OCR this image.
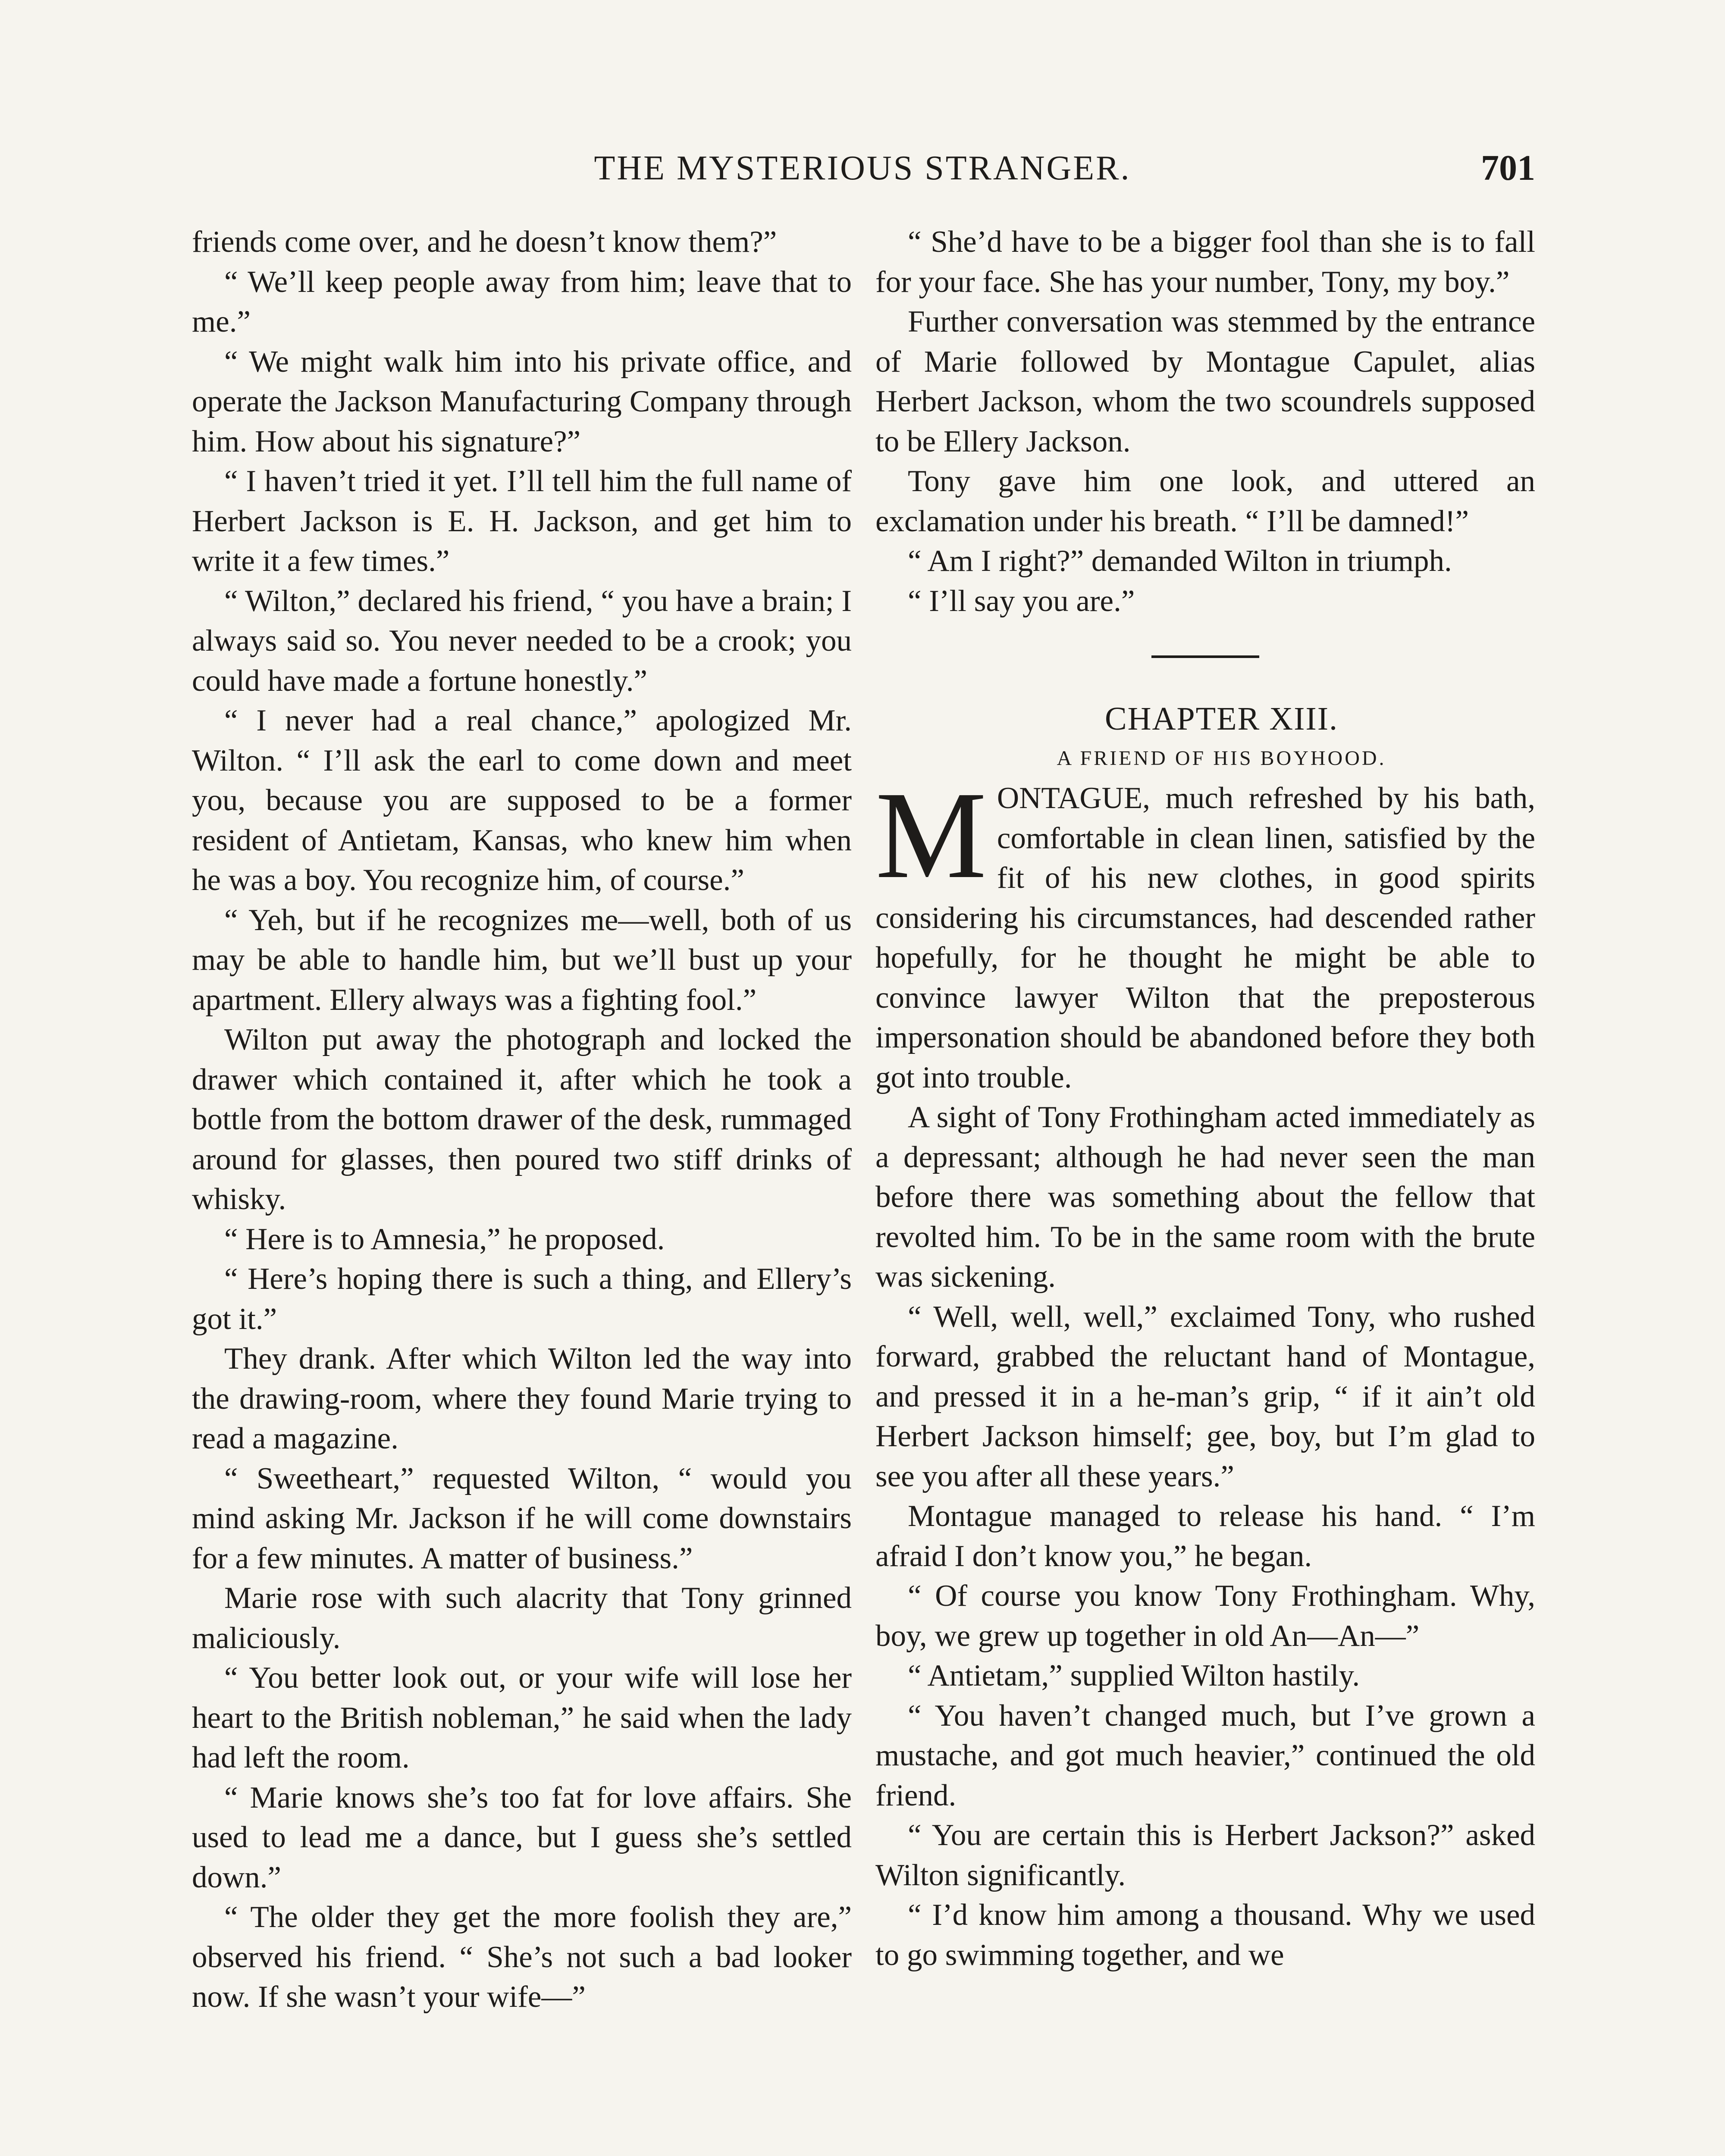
THE MYSTERIOUS STRANGER.	701

friends come over, and he doesn’t know them?”

“ We’ll keep people away from him; leave that to me.”

“ We might walk him into his private office, and operate the Jackson Manufacturing Company through him. How about his signature?”

“ I haven’t tried it yet. I’ll tell him the full name of Herbert Jackson is E. H. Jackson, and get him to write it a few times.”

“ Wilton,” declared his friend, “ you have a brain; I always said so. You never needed to be a crook; you could have made a fortune honestly.”

“ I never had a real chance,” apologized Mr. Wilton. “ I’ll ask the earl to come down and meet you, because you are supposed to be a former resident of Antietam, Kansas, who knew him when he was a boy. You recognize him, of course.”

“ Yeh, but if he recognizes me—well, both of us may be able to handle him, but we’ll bust up your apartment. Ellery always was a fighting fool.”

Wilton put away the photograph and locked the drawer which contained it, after which he took a bottle from the bottom drawer of the desk, rummaged around for glasses, then poured two stiff drinks of whisky.

“ Here is to Amnesia,” he proposed.

“ Here’s hoping there is such a thing, and Ellery’s got it.”

They drank. After which Wilton led the way into the drawing-room, where they found Marie trying to read a magazine.

“ Sweetheart,” requested Wilton, “ would you mind asking Mr. Jackson if he will come downstairs for a few minutes. A matter of business.”

Marie rose with such alacrity that Tony grinned maliciously.

“ You better look out, or your wife will lose her heart to the British nobleman,” he said when the lady had left the room.

“ Marie knows she’s too fat for love affairs. She used to lead me a dance, but I guess she’s settled down.”

“ The older they get the more foolish they are,” observed his friend. “ She’s not such a bad looker now. If she wasn’t your wife—”

“ She’d have to be a bigger fool than she is to fall for your face. She has your number, Tony, my boy.”

Further conversation was stemmed by the entrance of Marie followed by Montague Capulet, alias Herbert Jackson, whom the two scoundrels supposed to be Ellery Jackson.

Tony gave him one look, and uttered an exclamation under his breath. “ I’ll be damned!”

“ Am I right?” demanded Wilton in triumph.

“ I’ll say you are.”

CHAPTER XIII.

A FRIEND OF HIS BOYHOOD.

MONTAGUE, much refreshed by his bath, comfortable in clean linen, satisfied by the fit of his new clothes, in good spirits considering his circumstances, had descended rather hopefully, for he thought he might be able to convince lawyer Wilton that the preposterous impersonation should be abandoned before they both got into trouble.

A sight of Tony Frothingham acted immediately as a depressant; although he had never seen the man before there was something about the fellow that revolted him. To be in the same room with the brute was sickening.

“ Well, well, well,” exclaimed Tony, who rushed forward, grabbed the reluctant hand of Montague, and pressed it in a he-man’s grip, “ if it ain’t old Herbert Jackson himself; gee, boy, but I’m glad to see you after all these years.”

Montague managed to release his hand. “ I’m afraid I don’t know you,” he began.

“ Of course you know Tony Frothingham. Why, boy, we grew up together in old An—An—”

“ Antietam,” supplied Wilton hastily.

“ You haven’t changed much, but I’ve grown a mustache, and got much heavier,” continued the old friend.

“ You are certain this is Herbert Jackson?” asked Wilton significantly.

“ I’d know him among a thousand. Why we used to go swimming together, and we
